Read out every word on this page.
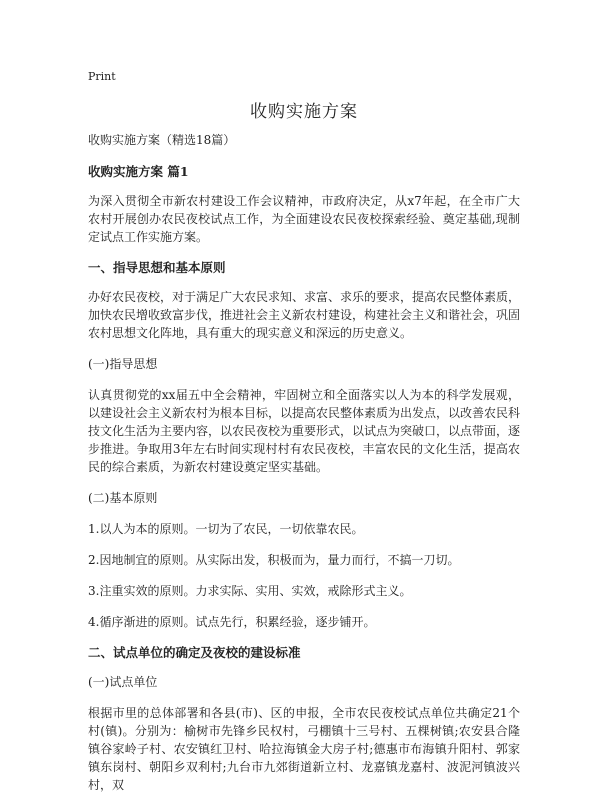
Print
收购实施方案

收购实施方案（精选18篇）

收购实施方案 篇1

为深入贯彻全市新农村建设工作会议精神，市政府决定，从x7年起，在全市广大农村开展创办农民夜校试点工作，为全面建设农民夜校探索经验、奠定基础,现制定试点工作实施方案。

一、指导思想和基本原则

办好农民夜校，对于满足广大农民求知、求富、求乐的要求，提高农民整体素质，加快农民增收致富步伐，推进社会主义新农村建设，构建社会主义和谐社会，巩固农村思想文化阵地，具有重大的现实意义和深远的历史意义。

(一)指导思想

认真贯彻党的xx届五中全会精神，牢固树立和全面落实以人为本的科学发展观，以建设社会主义新农村为根本目标，以提高农民整体素质为出发点，以改善农民科技文化生活为主要内容，以农民夜校为重要形式，以试点为突破口，以点带面，逐步推进。争取用3年左右时间实现村村有农民夜校，丰富农民的文化生活，提高农民的综合素质，为新农村建设奠定坚实基础。

(二)基本原则

1.以人为本的原则。一切为了农民，一切依靠农民。

2.因地制宜的原则。从实际出发，积极而为，量力而行，不搞一刀切。

3.注重实效的原则。力求实际、实用、实效，戒除形式主义。

4.循序渐进的原则。试点先行，积累经验，逐步铺开。

二、试点单位的确定及夜校的建设标准

(一)试点单位

根据市里的总体部署和各县(市)、区的申报，全市农民夜校试点单位共确定21个村(镇)。分别为：榆树市先锋乡民权村，弓棚镇十三号村、五棵树镇;农安县合隆镇谷家岭子村、农安镇红卫村、哈拉海镇金大房子村;德惠市布海镇升阳村、郭家镇东岗村、朝阳乡双利村;九台市九郊街道新立村、龙嘉镇龙嘉村、波泥河镇波兴村，双
